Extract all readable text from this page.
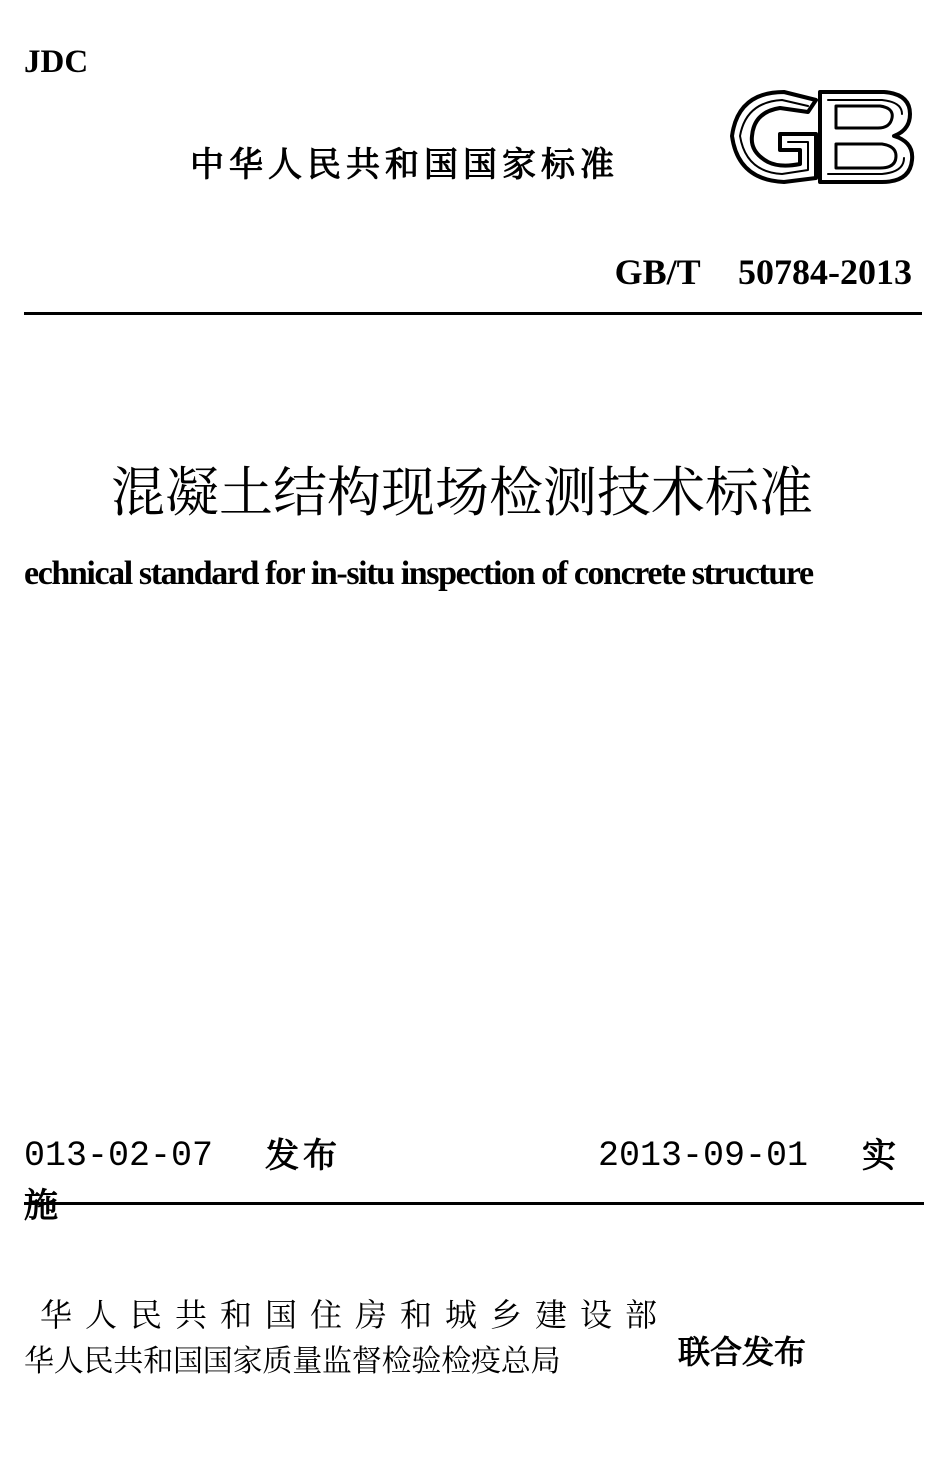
JDC
中华人民共和国国家标准
GB/T  50784-2013
混凝土结构现场检测技术标准
echnical standard for in-situ inspection of concrete structure
013-02-07 发布	2013-09-01 实
施
华人民共和国住房和城乡建设部
华人民共和国国家质量监督检验检疫总局	联合发布
